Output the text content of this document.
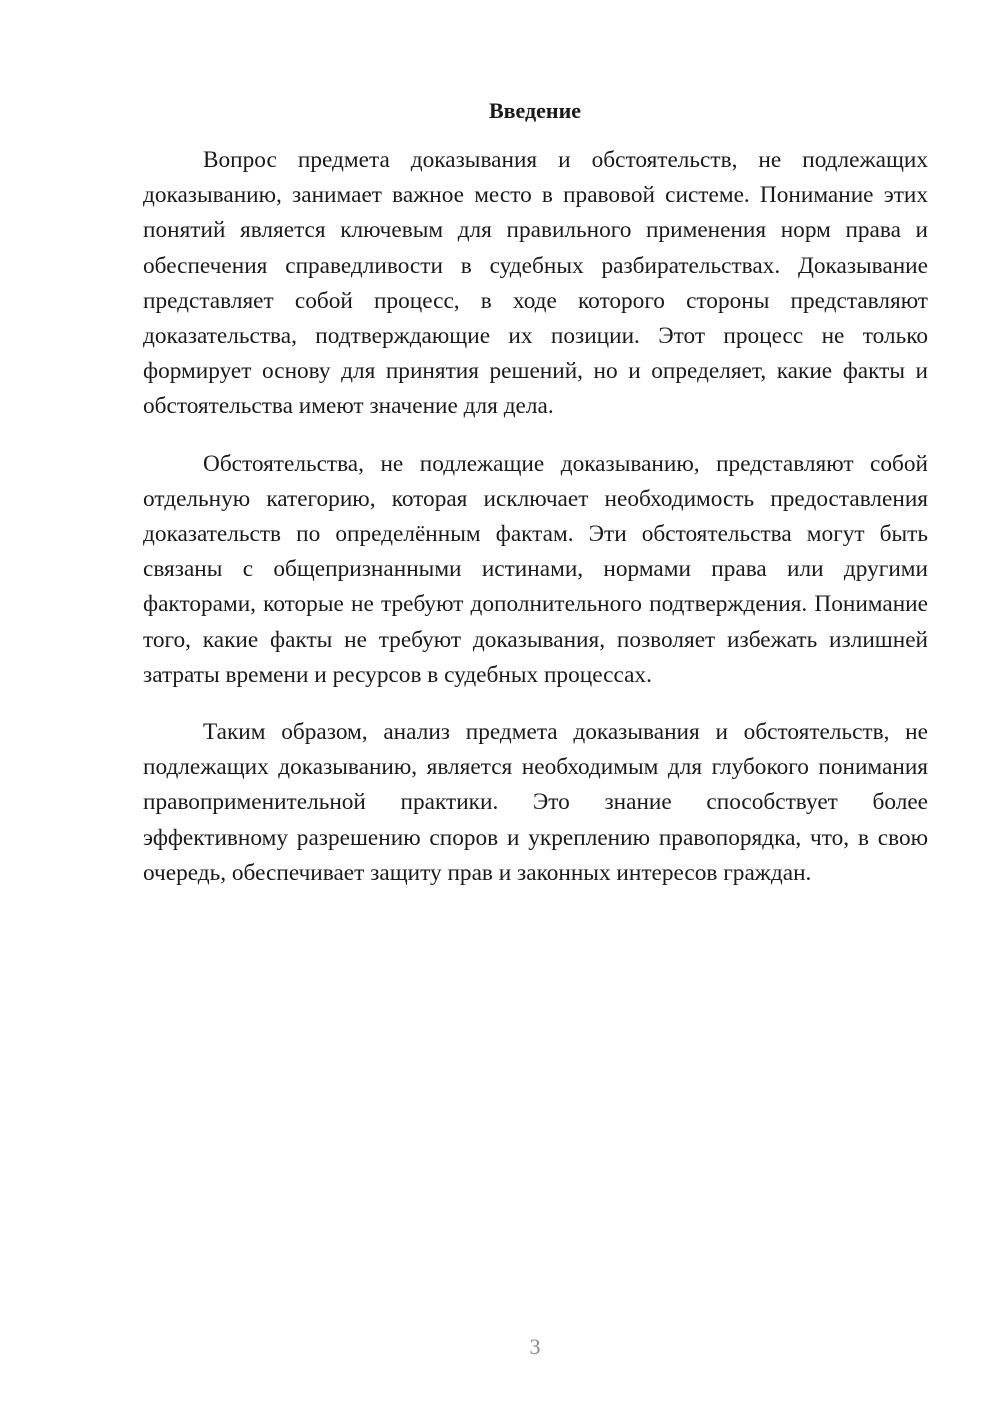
Введение

Вопрос предмета доказывания и обстоятельств, не подлежащих доказыванию, занимает важное место в правовой системе. Понимание этих понятий является ключевым для правильного применения норм права и обеспечения справедливости в судебных разбирательствах. Доказывание представляет собой процесс, в ходе которого стороны представляют доказательства, подтверждающие их позиции. Этот процесс не только формирует основу для принятия решений, но и определяет, какие факты и обстоятельства имеют значение для дела.

Обстоятельства, не подлежащие доказыванию, представляют собой отдельную категорию, которая исключает необходимость предоставления доказательств по определённым фактам. Эти обстоятельства могут быть связаны с общепризнанными истинами, нормами права или другими факторами, которые не требуют дополнительного подтверждения. Понимание того, какие факты не требуют доказывания, позволяет избежать излишней затраты времени и ресурсов в судебных процессах.

Таким образом, анализ предмета доказывания и обстоятельств, не подлежащих доказыванию, является необходимым для глубокого понимания правоприменительной практики. Это знание способствует более эффективному разрешению споров и укреплению правопорядка, что, в свою очередь, обеспечивает защиту прав и законных интересов граждан.

3
